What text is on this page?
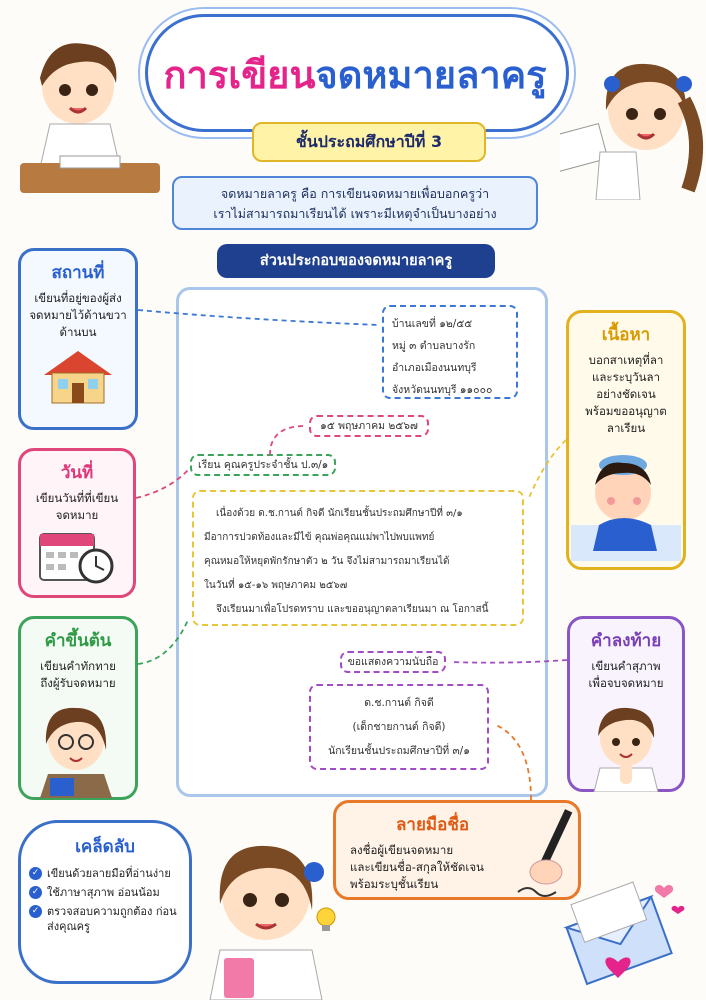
การเขียนจดหมายลาครู
ชั้นประถมศึกษาปีที่ 3
จดหมายลาครู คือ การเขียนจดหมายเพื่อบอกครูว่า
เราไม่สามารถมาเรียนได้ เพราะมีเหตุจำเป็นบางอย่าง
ส่วนประกอบของจดหมายลาครู
บ้านเลขที่ ๑๒/๕๕
หมู่ ๓ ตำบลบางรัก
อำเภอเมืองนนทบุรี
จังหวัดนนทบุรี ๑๑๐๐๐
๑๕ พฤษภาคม ๒๕๖๗
เรียน คุณครูประจำชั้น ป.๓/๑
เนื่องด้วย ด.ช.กานต์ กิจดี นักเรียนชั้นประถมศึกษาปีที่ ๓/๑
มีอาการปวดท้องและมีไข้ คุณพ่อคุณแม่พาไปพบแพทย์
คุณหมอให้หยุดพักรักษาตัว ๒ วัน จึงไม่สามารถมาเรียนได้
ในวันที่ ๑๕-๑๖ พฤษภาคม ๒๕๖๗
จึงเรียนมาเพื่อโปรดทราบ และขออนุญาตลาเรียนมา ณ โอกาสนี้
ขอแสดงความนับถือ
ด.ช.กานต์ กิจดี
(เด็กชายกานต์ กิจดี)
นักเรียนชั้นประถมศึกษาปีที่ ๓/๑
สถานที่

เขียนที่อยู่ของผู้ส่ง

จดหมายไว้ด้านขวา

ด้านบน

วันที่

เขียนวันที่ที่เขียน

จดหมาย

คำขึ้นต้น

เขียนคำทักทาย

ถึงผู้รับจดหมาย

เนื้อหา

บอกสาเหตุที่ลา

และระบุวันลา

อย่างชัดเจน

พร้อมขออนุญาต

ลาเรียน

คำลงท้าย

เขียนคำสุภาพ

เพื่อจบจดหมาย

ลายมือชื่อ

ลงชื่อผู้เขียนจดหมาย

และเขียนชื่อ-สกุลให้ชัดเจน

พร้อมระบุชั้นเรียน

เคล็ดลับ
✓ เขียนด้วยลายมือที่อ่านง่าย
✓ ใช้ภาษาสุภาพ อ่อนน้อม
✓ ตรวจสอบความถูกต้อง ก่อนส่งคุณครู
